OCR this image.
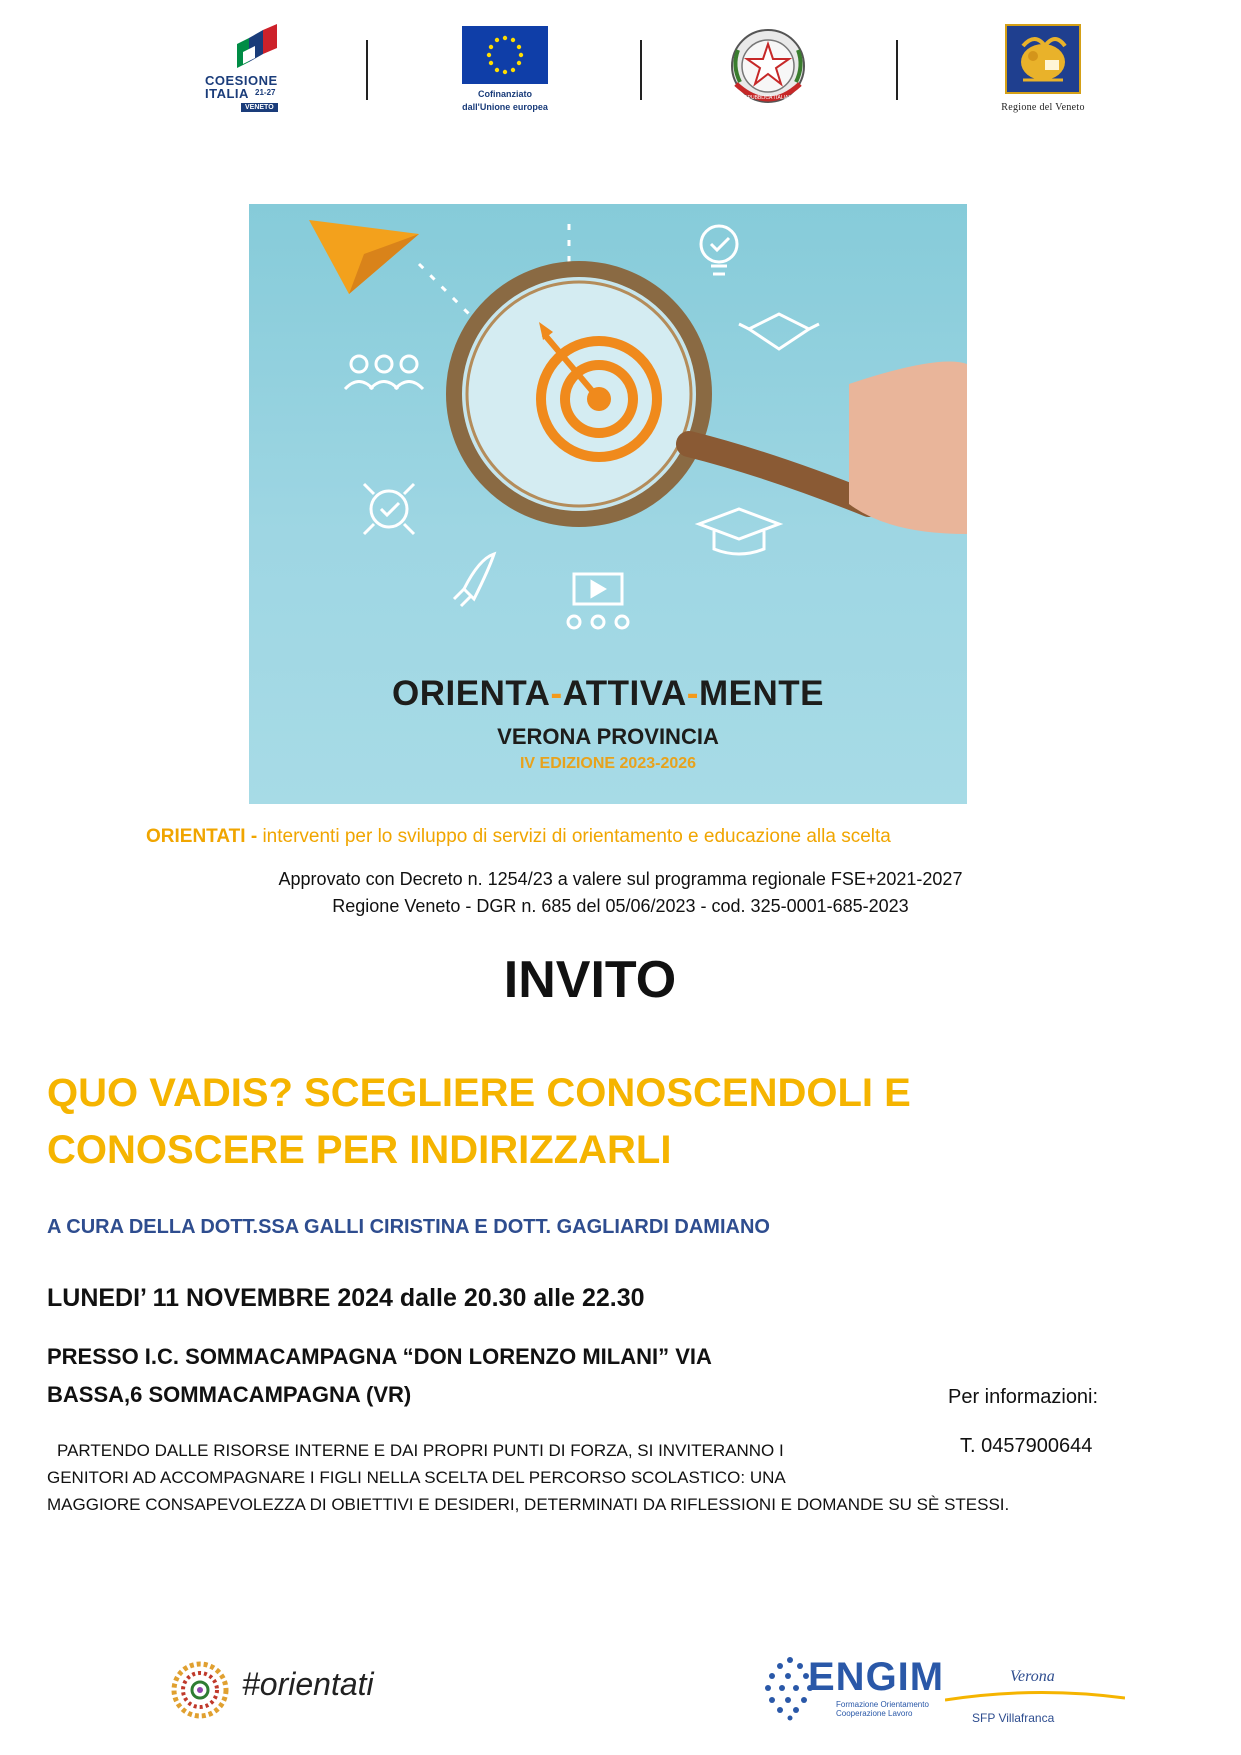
COESIONE
ITALIA 21-27
VENETO
Cofinanziato
dall'Unione europea
REPUBBLICA ITALIANA
Regione del Veneto
ORIENTA-ATTIVA-MENTE
VERONA PROVINCIA
IV EDIZIONE 2023-2026
ORIENTATI - interventi per lo sviluppo di servizi di orientamento e educazione alla scelta
Approvato con Decreto n. 1254/23 a valere sul programma regionale FSE+2021-2027
Regione Veneto - DGR n. 685 del 05/06/2023 - cod. 325-0001-685-2023
INVITO
QUO VADIS? SCEGLIERE CONOSCENDOLI E
CONOSCERE PER INDIRIZZARLI
A CURA DELLA DOTT.SSA GALLI CIRISTINA E DOTT. GAGLIARDI DAMIANO
LUNEDI’ 11 NOVEMBRE 2024 dalle 20.30 alle 22.30
PRESSO I.C. SOMMACAMPAGNA “DON LORENZO MILANI” VIA
BASSA,6 SOMMACAMPAGNA (VR)	Per informazioni:
T. 0457900644
PARTENDO DALLE RISORSE INTERNE E DAI PROPRI PUNTI DI FORZA, SI INVITERANNO I
GENITORI AD ACCOMPAGNARE I FIGLI NELLA SCELTA DEL PERCORSO SCOLASTICO: UNA
MAGGIORE CONSAPEVOLEZZA DI OBIETTIVI E DESIDERI, DETERMINATI DA RIFLESSIONI E DOMANDE SU SÈ STESSI.
#orientati	ENGIM
Formazione Orientamento
Cooperazione Lavoro
Verona
SFP Villafranca
